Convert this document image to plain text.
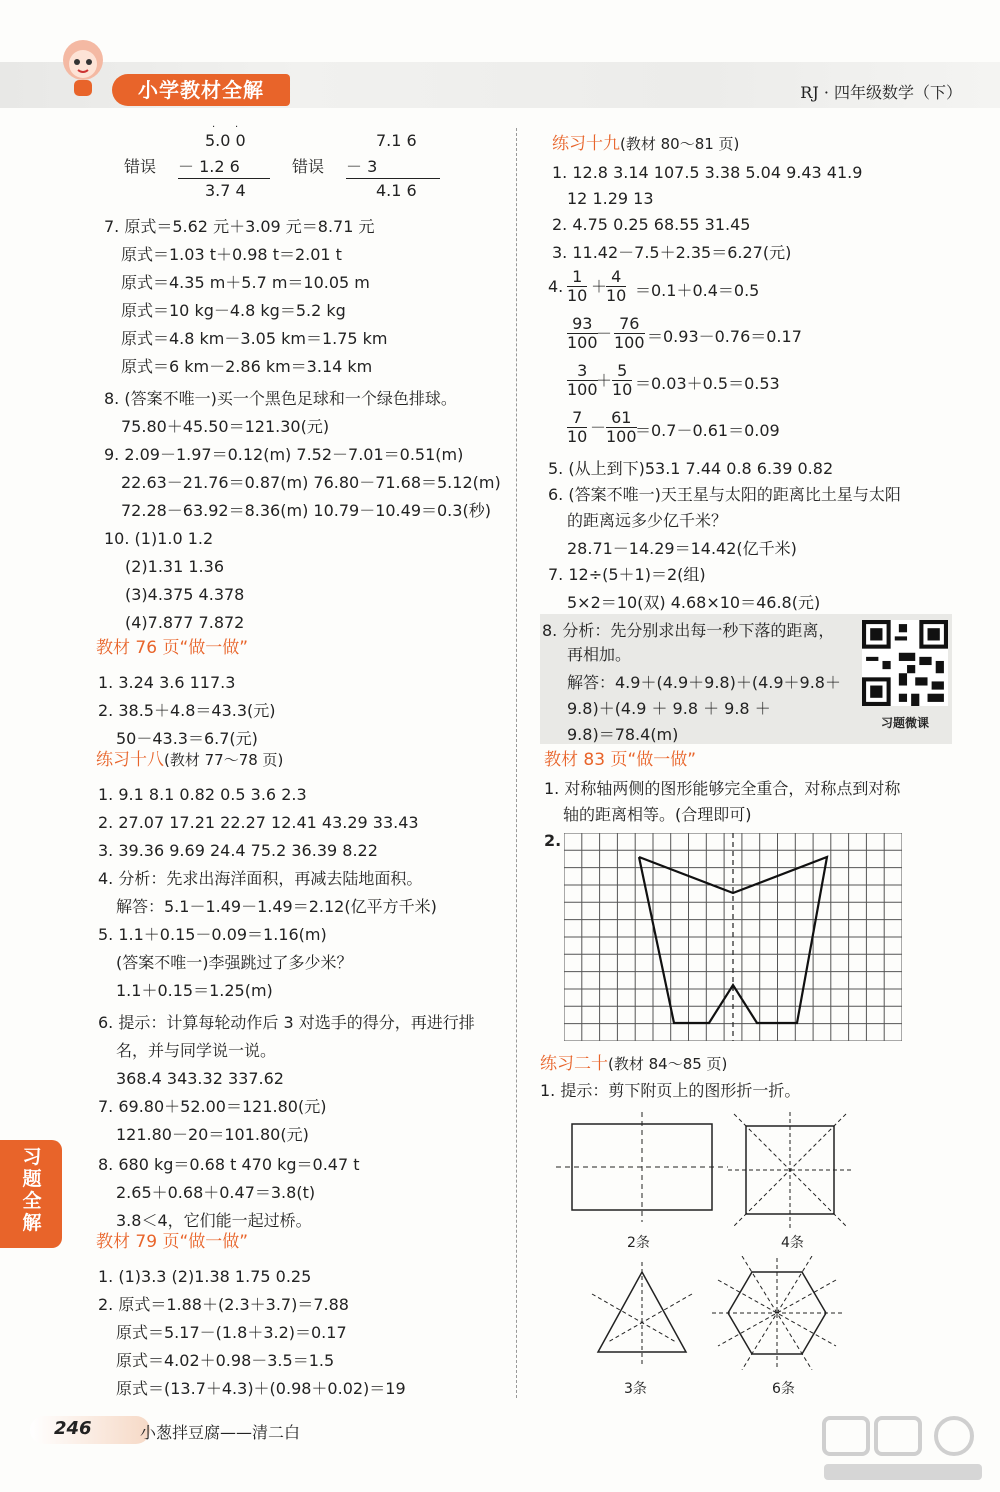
小学教材全解	RJ · 四年级数学（下）
习题全解
错误
5.0 0
－ 1.2 6
3.7 4
· ·
错误
7.1 6
－ 3
4.1 6
7. 原式＝5.62 元＋3.09 元＝8.71 元
原式＝1.03 t＋0.98 t＝2.01 t
原式＝4.35 m＋5.7 m＝10.05 m
原式＝10 kg－4.8 kg＝5.2 kg
原式＝4.8 km－3.05 km＝1.75 km
原式＝6 km－2.86 km＝3.14 km
8. (答案不唯一)买一个黑色足球和一个绿色排球。
75.80＋45.50＝121.30(元)
9. 2.09－1.97＝0.12(m) 7.52－7.01＝0.51(m)
22.63－21.76＝0.87(m) 76.80－71.68＝5.12(m)
72.28－63.92＝8.36(m) 10.79－10.49＝0.3(秒)
10. (1)1.0 1.2
(2)1.31 1.36
(3)4.375 4.378
(4)7.877 7.872
1. 3.24 3.6 117.3
2. 38.5＋4.8＝43.3(元)
50－43.3＝6.7(元)
1. 9.1 8.1 0.82 0.5 3.6 2.3
2. 27.07 17.21 22.27 12.41 43.29 33.43
3. 39.36 9.69 24.4 75.2 36.39 8.22
4. 分析：先求出海洋面积，再减去陆地面积。
解答：5.1－1.49－1.49＝2.12(亿平方千米)
5. 1.1＋0.15－0.09＝1.16(m)
(答案不唯一)李强跳过了多少米？
1.1＋0.15＝1.25(m)
6. 提示：计算每轮动作后 3 对选手的得分，再进行排
名，并与同学说一说。
368.4 343.32 337.62
7. 69.80＋52.00＝121.80(元)
121.80－20＝101.80(元)
8. 680 kg＝0.68 t 470 kg＝0.47 t
2.65＋0.68＋0.47＝3.8(t)
3.8＜4，它们能一起过桥。
1. (1)3.3 (2)1.38 1.75 0.25
2. 原式＝1.88＋(2.3＋3.7)＝7.88
原式＝5.17－(1.8＋3.2)＝0.17
原式＝4.02＋0.98－3.5＝1.5
原式＝(13.7＋4.3)＋(0.98＋0.02)＝19
教材 76 页“做一做”
练习十八(教材 77～78 页)
教材 79 页“做一做”
练习十九(教材 80～81 页)
教材 83 页“做一做”
练习二十(教材 84～85 页)
1. 12.8 3.14 107.5 3.38 5.04 9.43 41.9
12 1.29 13
2. 4.75 0.25 68.55 31.45
3. 11.42－7.5＋2.35＝6.27(元)
＝0.1＋0.4＝0.5
＝0.93－0.76＝0.17
＝0.03＋0.5＝0.53
＝0.7－0.61＝0.09
5. (从上到下)53.1 7.44 0.8 6.39 0.82
6. (答案不唯一)天王星与太阳的距离比土星与太阳
的距离远多少亿千米？
28.71－14.29＝14.42(亿千米)
7. 12÷(5＋1)＝2(组)
5×2＝10(双) 4.68×10＝46.8(元)
8. 分析：先分别求出每一秒下落的距离，
再相加。
解答：4.9＋(4.9＋9.8)＋(4.9＋9.8＋
9.8)＋(4.9 ＋ 9.8 ＋ 9.8 ＋
9.8)＝78.4(m)
1. 对称轴两侧的图形能够完全重合，对称点到对称
轴的距离相等。(合理即可)
1. 提示：剪下附页上的图形折一折。
4. $\frac{1}{10} \frac{4}{10}$
$\frac{93}{100} \frac{76}{100}$
$\frac{3}{100} \frac{5}{10}$
$\frac{7}{10} \frac{61}{100}$
＋
－
＋
－
习题微课
2.
2条	4条
3条	6条
246	小葱拌豆腐——清二白
